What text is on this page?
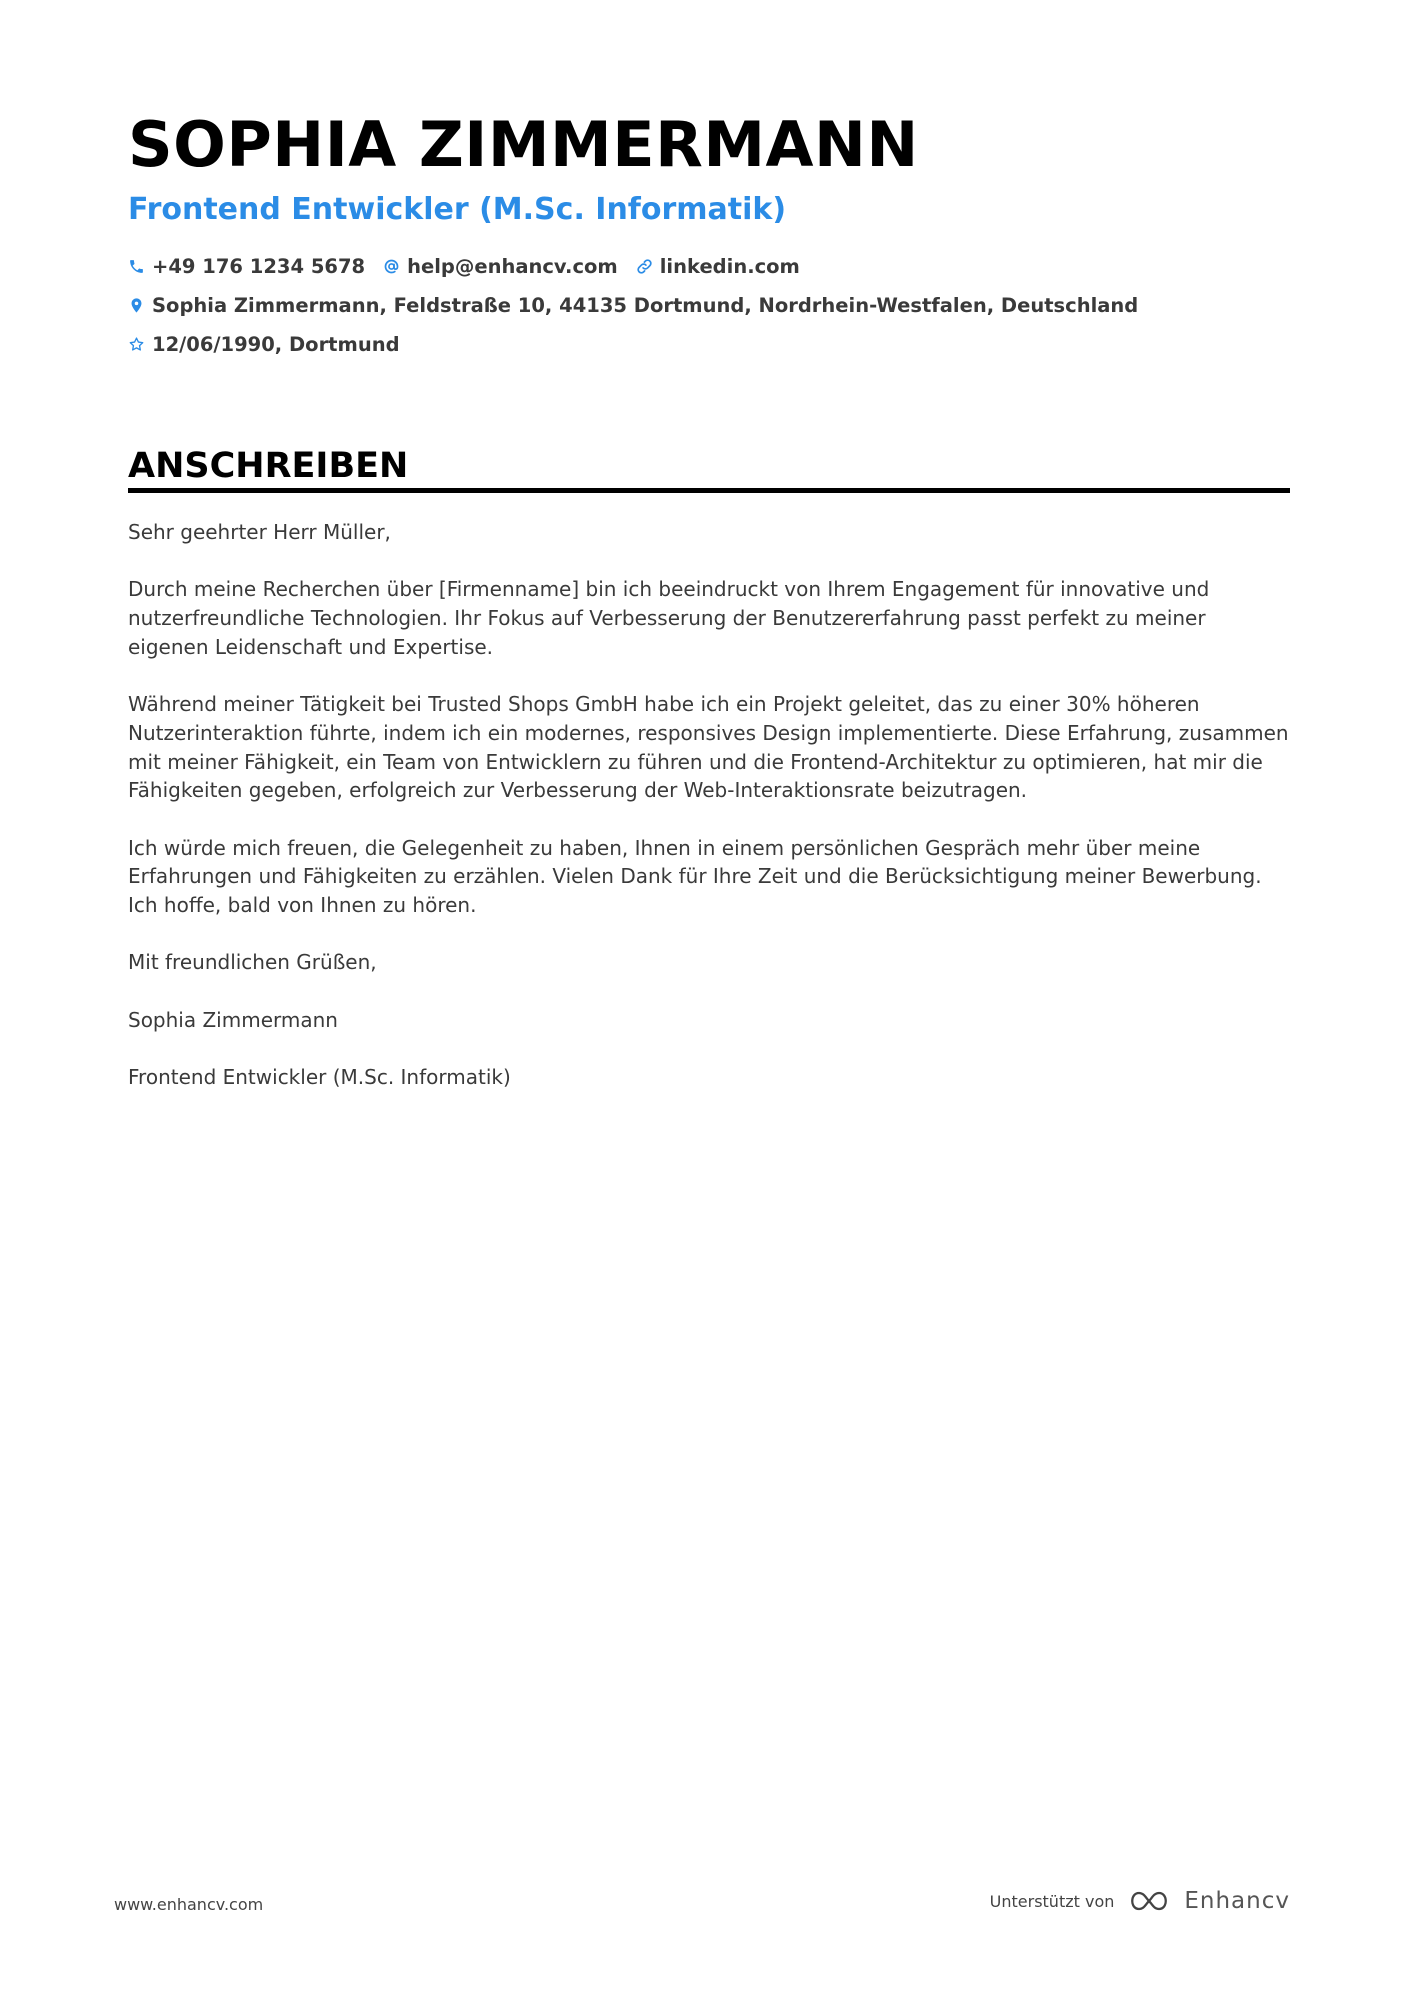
SOPHIA ZIMMERMANN
Frontend Entwickler (M.Sc. Informatik)
+49 176 1234 5678 help@enhancv.com linkedin.com
Sophia Zimmermann, Feldstraße 10, 44135 Dortmund, Nordrhein-Westfalen, Deutschland
12/06/1990, Dortmund
ANSCHREIBEN

Sehr geehrter Herr Müller,

Durch meine Recherchen über [Firmenname] bin ich beeindruckt von Ihrem Engagement für innovative und nutzerfreundliche Technologien. Ihr Fokus auf Verbesserung der Benutzererfahrung passt perfekt zu meiner eigenen Leidenschaft und Expertise.

Während meiner Tätigkeit bei Trusted Shops GmbH habe ich ein Projekt geleitet, das zu einer 30% höheren Nutzerinteraktion führte, indem ich ein modernes, responsives Design implementierte. Diese Erfahrung, zusammen mit meiner Fähigkeit, ein Team von Entwicklern zu führen und die Frontend-Architektur zu optimieren, hat mir die Fähigkeiten gegeben, erfolgreich zur Verbesserung der Web-Interaktionsrate beizutragen.

Ich würde mich freuen, die Gelegenheit zu haben, Ihnen in einem persönlichen Gespräch mehr über meine Erfahrungen und Fähigkeiten zu erzählen. Vielen Dank für Ihre Zeit und die Berücksichtigung meiner Bewerbung. Ich hoffe, bald von Ihnen zu hören.

Mit freundlichen Grüßen,

Sophia Zimmermann

Frontend Entwickler (M.Sc. Informatik)

www.enhancv.com	Unterstützt von	Enhancv
